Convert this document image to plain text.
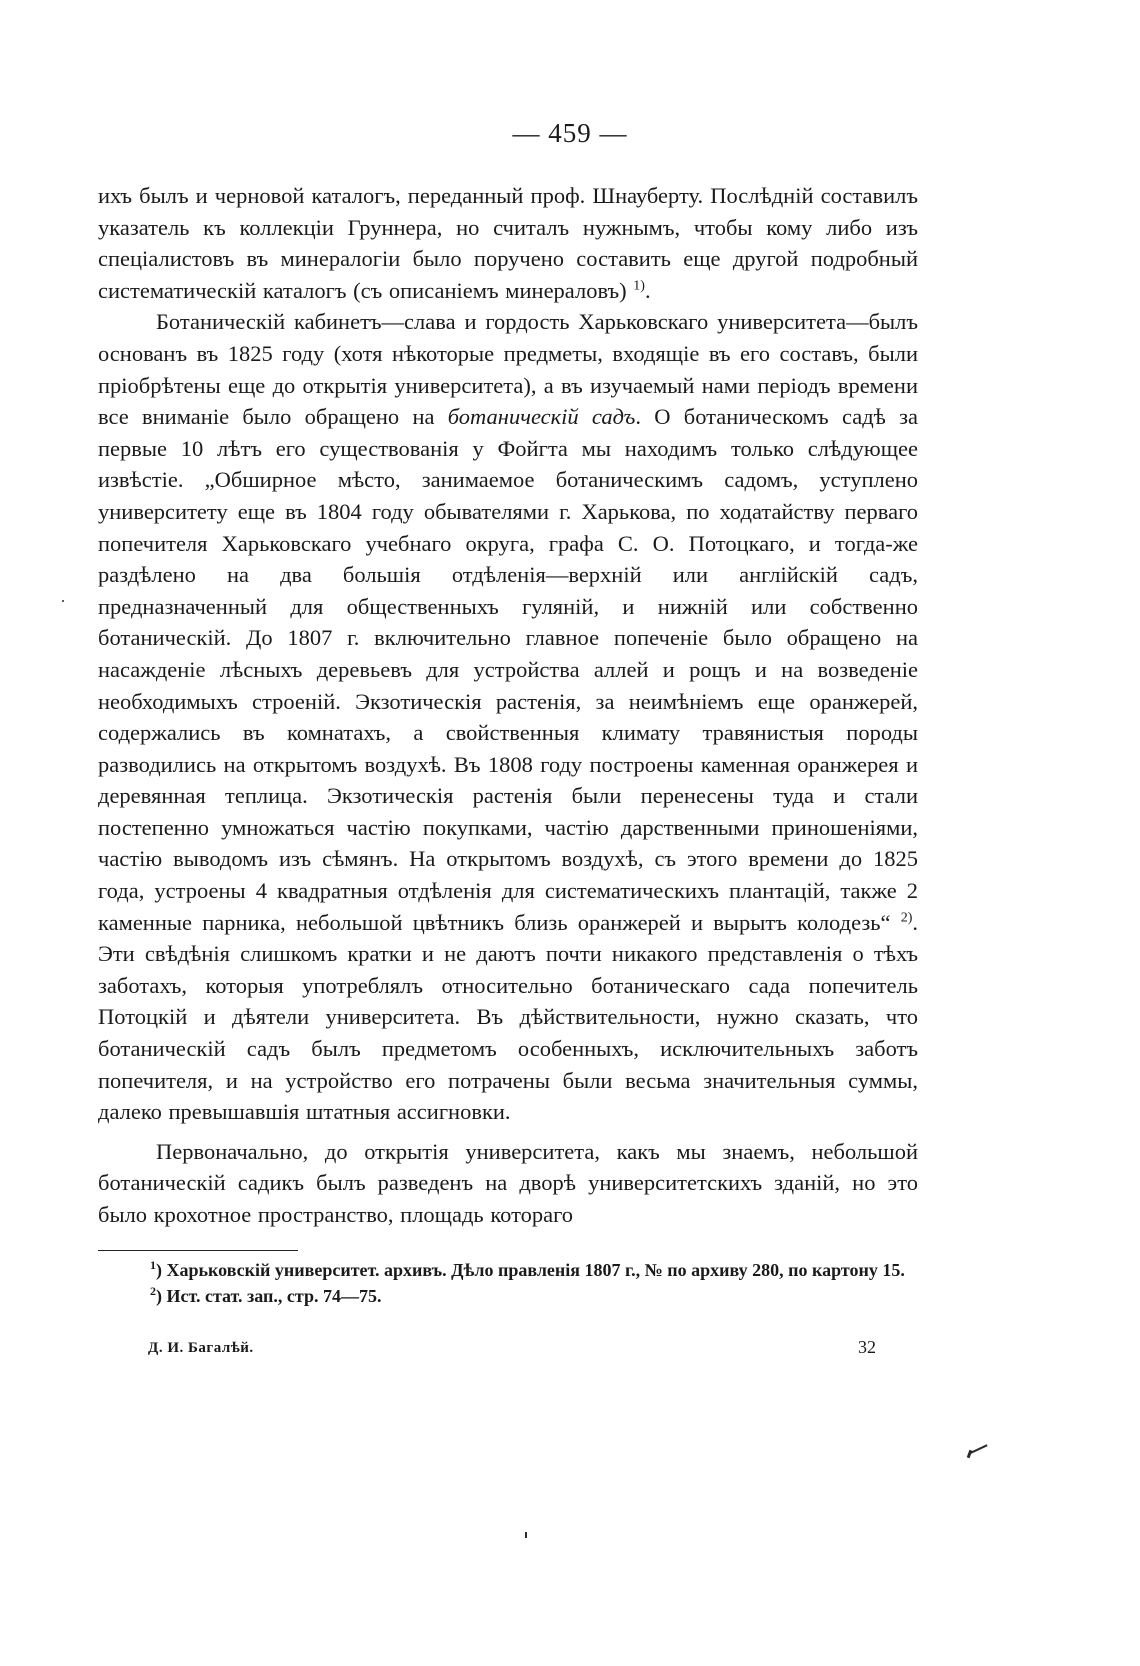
— 459 —

ихъ былъ и черновой каталогъ, переданный проф. Шнауберту. Послѣдній составилъ указатель къ коллекціи Груннера, но считалъ нужнымъ, чтобы кому либо изъ спеціалистовъ въ минералогіи было поручено составить еще другой подробный систематическій каталогъ (съ описаніемъ минераловъ) $^{1)}$.

Ботаническій кабинетъ—слава и гордость Харьковскаго университета—былъ основанъ въ 1825 году (хотя нѣкоторые предметы, входящіе въ его составъ, были пріобрѣтены еще до открытія университета), а въ изучаемый нами періодъ времени все вниманіе было обращено на ботаническій садъ. О ботаническомъ садѣ за первые 10 лѣтъ его существованія у Фойгта мы находимъ только слѣдующее извѣстіе. „Обширное мѣсто, занимаемое ботаническимъ садомъ, уступлено университету еще въ 1804 году обывателями г. Харькова, по ходатайству перваго попечителя Харьковскаго учебнаго округа, графа С. О. Потоцкаго, и тогда-же раздѣлено на два большія отдѣленія—верхній или англійскій садъ, предназначенный для общественныхъ гуляній, и нижній или собственно ботаническій. До 1807 г. включительно главное попеченіе было обращено на насажденіе лѣсныхъ деревьевъ для устройства аллей и рощъ и на возведеніе необходимыхъ строеній. Экзотическія растенія, за неимѣніемъ еще оранжерей, содержались въ комнатахъ, а свойственныя климату травянистыя породы разводились на открытомъ воздухѣ. Въ 1808 году построены каменная оранжерея и деревянная теплица. Экзотическія растенія были перенесены туда и стали постепенно умножаться частію покупками, частію дарственными приношеніями, частію выводомъ изъ сѣмянъ. На открытомъ воздухѣ, съ этого времени до 1825 года, устроены 4 квадратныя отдѣленія для систематическихъ плантацій, также 2 каменные парника, небольшой цвѣтникъ близь оранжерей и вырытъ колодезь“ $^{2)}$. Эти свѣдѣнія слишкомъ кратки и не даютъ почти никакого представленія о тѣхъ заботахъ, которыя употреблялъ относительно ботаническаго сада попечитель Потоцкій и дѣятели университета. Въ дѣйствительности, нужно сказать, что ботаническій садъ былъ предметомъ особенныхъ, исключительныхъ заботъ попечителя, и на устройство его потрачены были весьма значительныя суммы, далеко превышавшія штатныя ассигновки.

Первоначально, до открытія университета, какъ мы знаемъ, небольшой ботаническій садикъ былъ разведенъ на дворѣ университетскихъ зданій, но это было крохотное пространство, площадь котораго

$^1$) Харьковскій университет. архивъ. Дѣло правленія 1807 г., № по архиву 280, по картону 15.

$^2$) Ист. стат. зап., стр. 74—75.

Д. И. Багалѣй.	32
